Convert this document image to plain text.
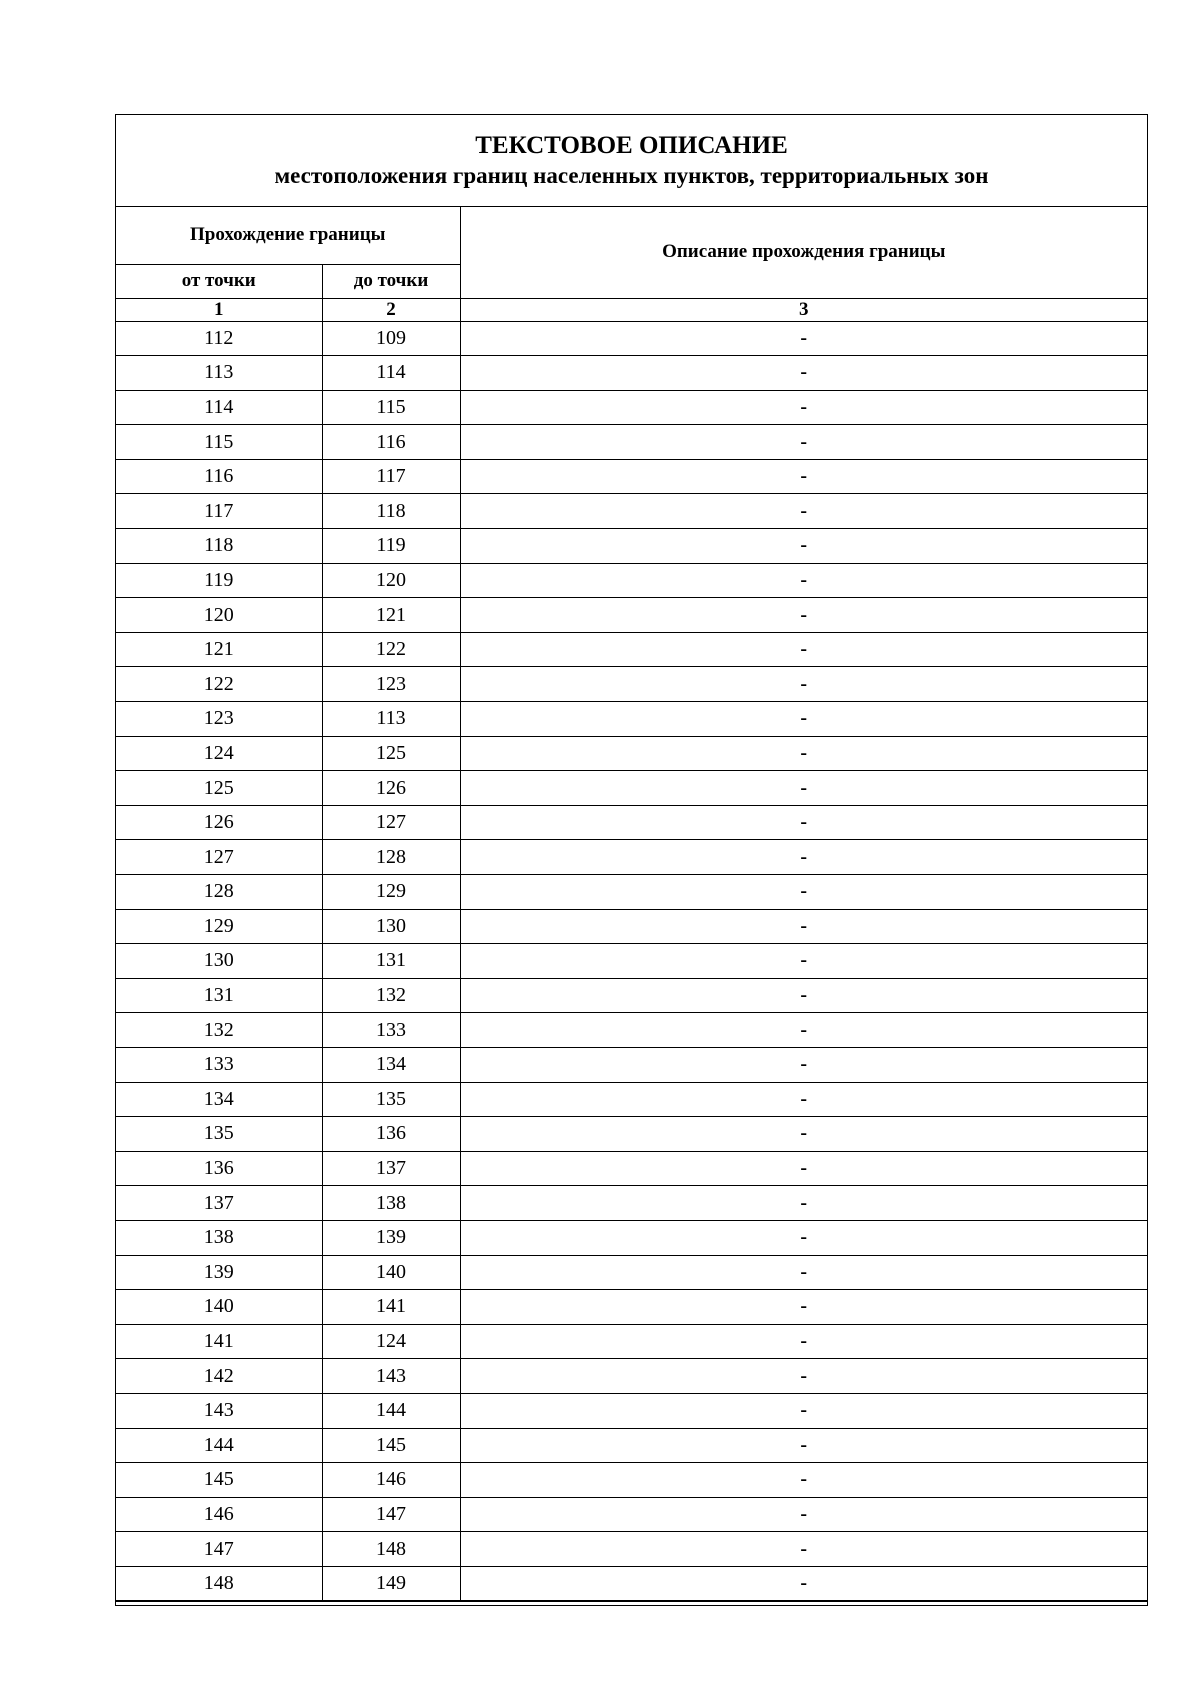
ТЕКСТОВОЕ ОПИСАНИЕ
местоположения границ населенных пунктов, территориальных зон
Прохождение границы		Описание прохождения границы
от точки	до точки	
1	2	3
112	109	-
113	114	-
114	115	-
115	116	-
116	117	-
117	118	-
118	119	-
119	120	-
120	121	-
121	122	-
122	123	-
123	113	-
124	125	-
125	126	-
126	127	-
127	128	-
128	129	-
129	130	-
130	131	-
131	132	-
132	133	-
133	134	-
134	135	-
135	136	-
136	137	-
137	138	-
138	139	-
139	140	-
140	141	-
141	124	-
142	143	-
143	144	-
144	145	-
145	146	-
146	147	-
147	148	-
148	149	-
